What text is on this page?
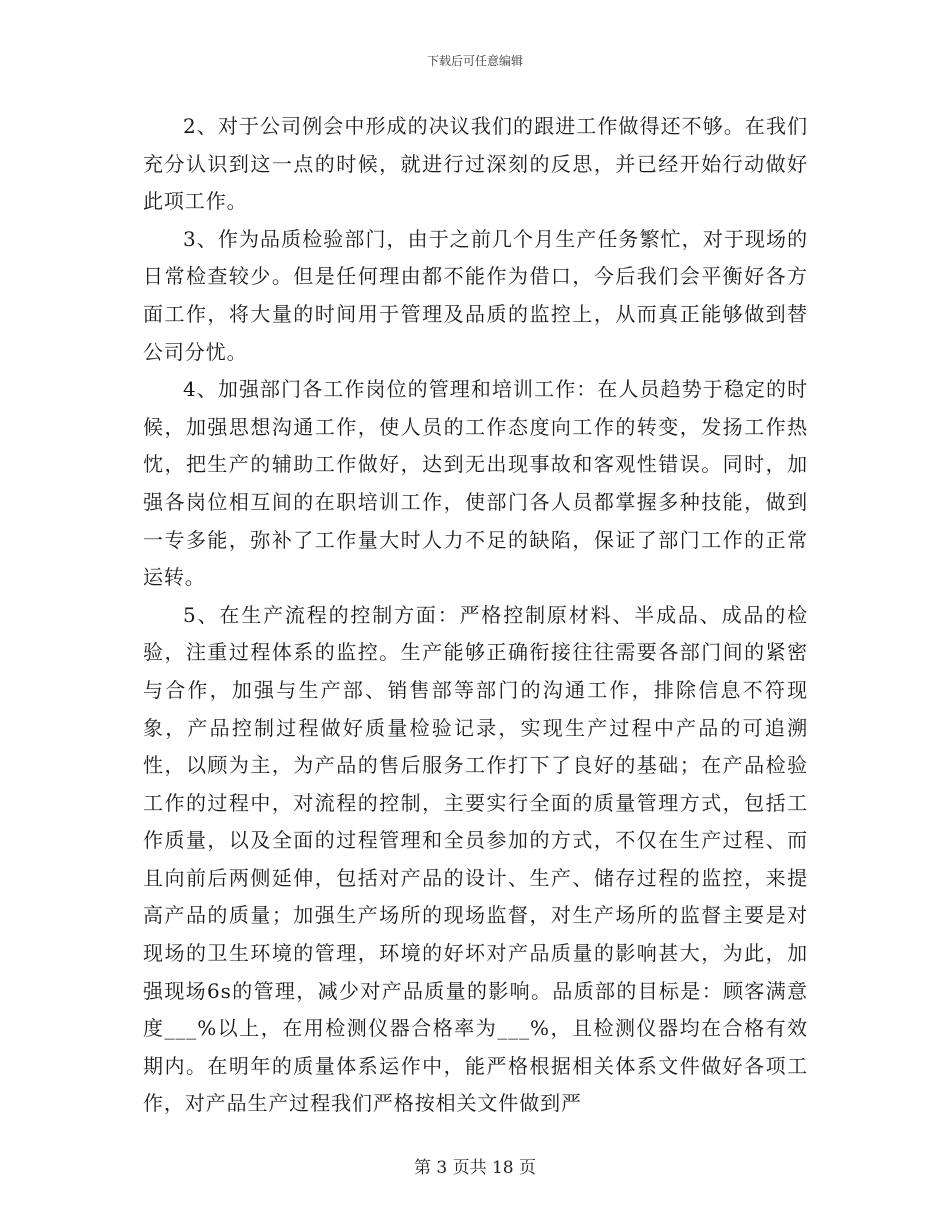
下载后可任意编辑

2、对于公司例会中形成的决议我们的跟进工作做得还不够。在我们充分认识到这一点的时候，就进行过深刻的反思，并已经开始行动做好此项工作。

3、作为品质检验部门，由于之前几个月生产任务繁忙，对于现场的日常检查较少。但是任何理由都不能作为借口，今后我们会平衡好各方面工作，将大量的时间用于管理及品质的监控上，从而真正能够做到替公司分忧。

4、加强部门各工作岗位的管理和培训工作：在人员趋势于稳定的时候，加强思想沟通工作，使人员的工作态度向工作的转变，发扬工作热忱，把生产的辅助工作做好，达到无出现事故和客观性错误。同时，加强各岗位相互间的在职培训工作，使部门各人员都掌握多种技能，做到一专多能，弥补了工作量大时人力不足的缺陷，保证了部门工作的正常运转。

5、在生产流程的控制方面：严格控制原材料、半成品、成品的检验，注重过程体系的监控。生产能够正确衔接往往需要各部门间的紧密与合作，加强与生产部、销售部等部门的沟通工作，排除信息不符现象，产品控制过程做好质量检验记录，实现生产过程中产品的可追溯性，以顾为主，为产品的售后服务工作打下了良好的基础；在产品检验工作的过程中，对流程的控制，主要实行全面的质量管理方式，包括工作质量，以及全面的过程管理和全员参加的方式，不仅在生产过程、而且向前后两侧延伸，包括对产品的设计、生产、储存过程的监控，来提高产品的质量；加强生产场所的现场监督，对生产场所的监督主要是对现场的卫生环境的管理，环境的好坏对产品质量的影响甚大，为此，加强现场6s的管理，减少对产品质量的影响。品质部的目标是：顾客满意度___%以上，在用检测仪器合格率为___%，且检测仪器均在合格有效期内。在明年的质量体系运作中，能严格根据相关体系文件做好各项工作，对产品生产过程我们严格按相关文件做到严

第 3 页共 18 页
